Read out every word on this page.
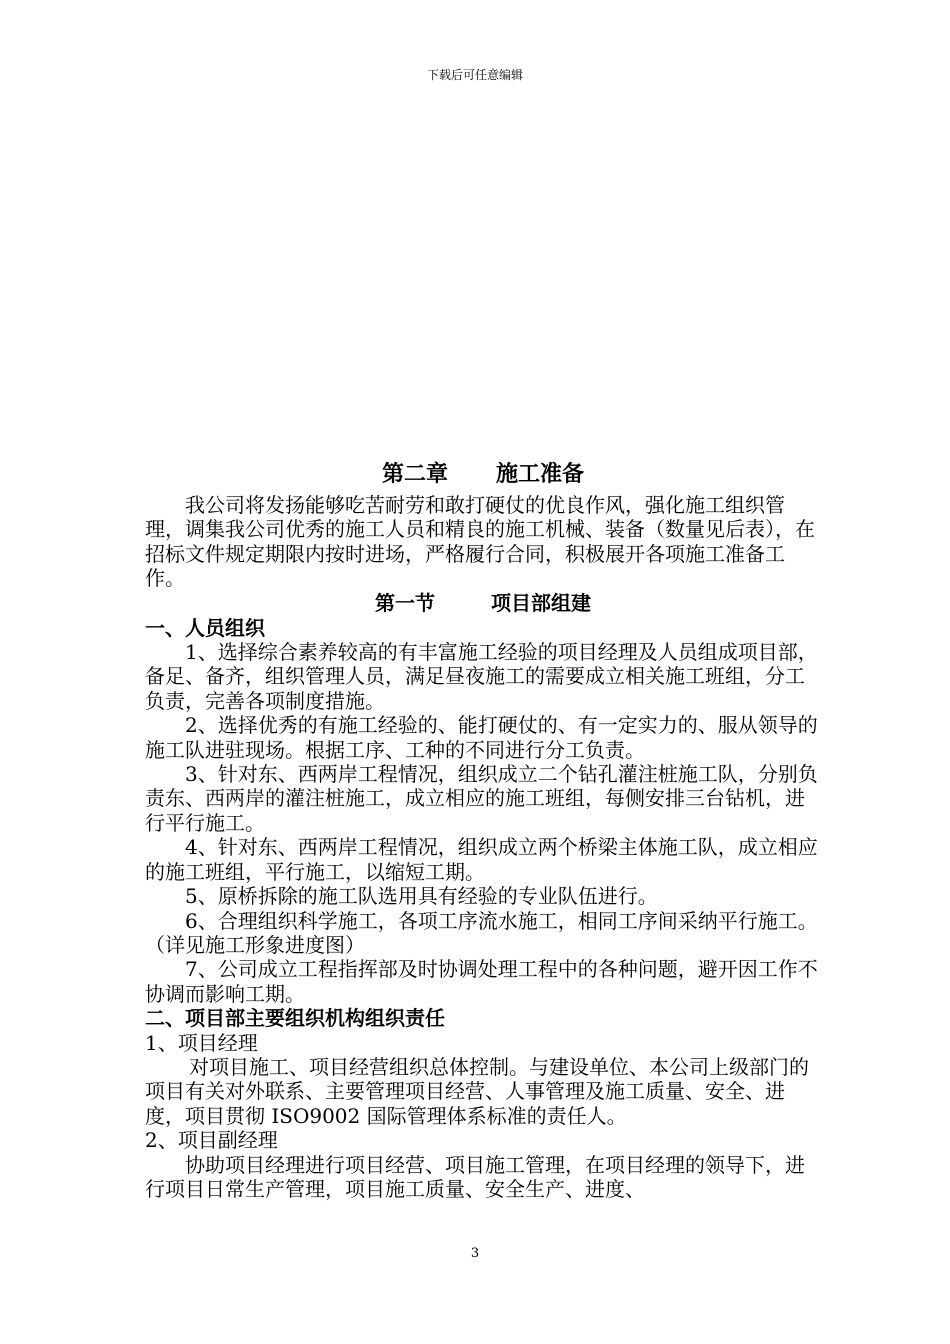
下载后可任意编辑
第二章 施工准备

我公司将发扬能够吃苦耐劳和敢打硬仗的优良作风，强化施工组织管理，调集我公司优秀的施工人员和精良的施工机械、装备（数量见后表），在招标文件规定期限内按时进场，严格履行合同，积极展开各项施工准备工作。

第一节	项目部组建
一、人员组织

1、选择综合素养较高的有丰富施工经验的项目经理及人员组成项目部，备足、备齐，组织管理人员，满足昼夜施工的需要成立相关施工班组，分工负责，完善各项制度措施。

2、选择优秀的有施工经验的、能打硬仗的、有一定实力的、服从领导的施工队进驻现场。根据工序、工种的不同进行分工负责。

3、针对东、西两岸工程情况，组织成立二个钻孔灌注桩施工队，分别负责东、西两岸的灌注桩施工，成立相应的施工班组，每侧安排三台钻机，进行平行施工。

4、针对东、西两岸工程情况，组织成立两个桥梁主体施工队，成立相应的施工班组，平行施工，以缩短工期。

5、原桥拆除的施工队选用具有经验的专业队伍进行。

6、合理组织科学施工，各项工序流水施工，相同工序间采纳平行施工。（详见施工形象进度图）

7、公司成立工程指挥部及时协调处理工程中的各种问题，避开因工作不协调而影响工期。

二、项目部主要组织机构组织责任

1、项目经理

对项目施工、项目经营组织总体控制。与建设单位、本公司上级部门的项目有关对外联系、主要管理项目经营、人事管理及施工质量、安全、进度，项目贯彻 ISO9002 国际管理体系标准的责任人。

2、项目副经理

协助项目经理进行项目经营、项目施工管理，在项目经理的领导下，进行项目日常生产管理，项目施工质量、安全生产、进度、

3
